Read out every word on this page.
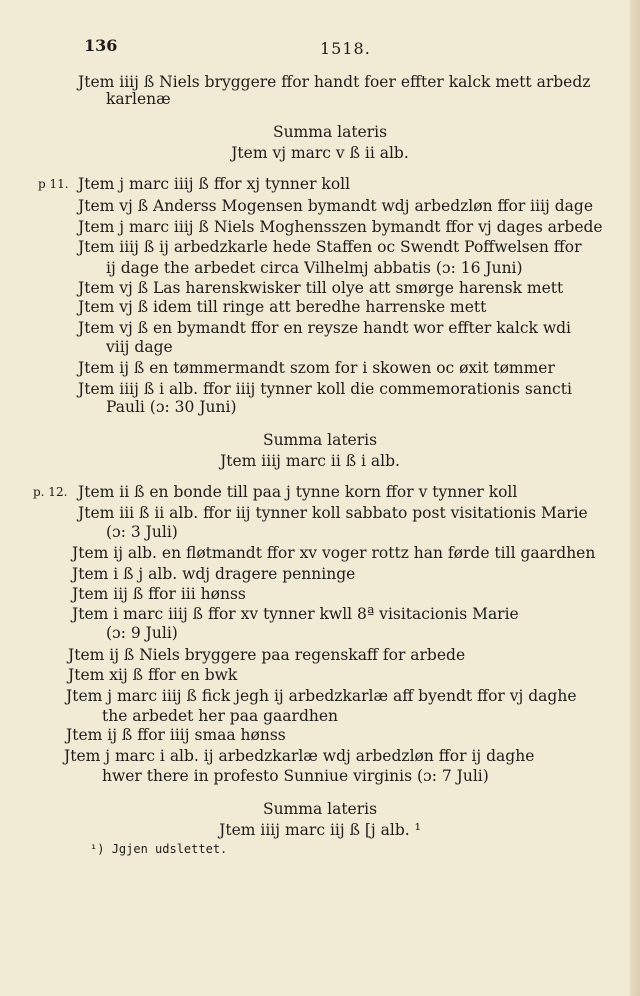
136	1518.
Jtem iiij ß Niels bryggere ffor handt foer effter kalck mett arbedz
karlenæ
Summa lateris
Jtem vj marc v ß ii alb.
p 11. Jtem j marc iiij ß ffor xj tynner koll
Jtem vj ß Anderss Mogensen bymandt wdj arbedzløn ffor iiij dage
Jtem j marc iiij ß Niels Moghensszen bymandt ffor vj dages arbede
Jtem iiij ß ij arbedzkarle hede Staffen oc Swendt Poffwelsen ffor
ij dage the arbedet circa Vilhelmj abbatis (ɔ: 16 Juni)
Jtem vj ß Las harenskwisker till olye att smørge harensk mett
Jtem vj ß idem till ringe att beredhe harrenske mett
Jtem vj ß en bymandt ffor en reysze handt wor effter kalck wdi
viij dage
Jtem ij ß en tømmermandt szom for i skowen oc øxit tømmer
Jtem iiij ß i alb. ffor iiij tynner koll die commemorationis sancti
Pauli (ɔ: 30 Juni)
Summa lateris
Jtem iiij marc ii ß i alb.
p. 12. Jtem ii ß en bonde till paa j tynne korn ffor v tynner koll
Jtem iii ß ii alb. ffor iij tynner koll sabbato post visitationis Marie
(ɔ: 3 Juli)
Jtem ij alb. en fløtmandt ffor xv voger rottz han førde till gaardhen
Jtem i ß j alb. wdj dragere penninge
Jtem iij ß ffor iii hønss
Jtem i marc iiij ß ffor xv tynner kwll 8ª visitacionis Marie
(ɔ: 9 Juli)
Jtem ij ß Niels bryggere paa regenskaff for arbede
Jtem xij ß ffor en bwk
Jtem j marc iiij ß fick jegh ij arbedzkarlæ aff byendt ffor vj daghe
the arbedet her paa gaardhen
Jtem ij ß ffor iiij smaa hønss
Jtem j marc i alb. ij arbedzkarlæ wdj arbedzløn ffor ij daghe
hwer there in profesto Sunniue virginis (ɔ: 7 Juli)
Summa lateris
Jtem iiij marc iij ß [j alb. ¹
¹) Jgjen udslettet.
